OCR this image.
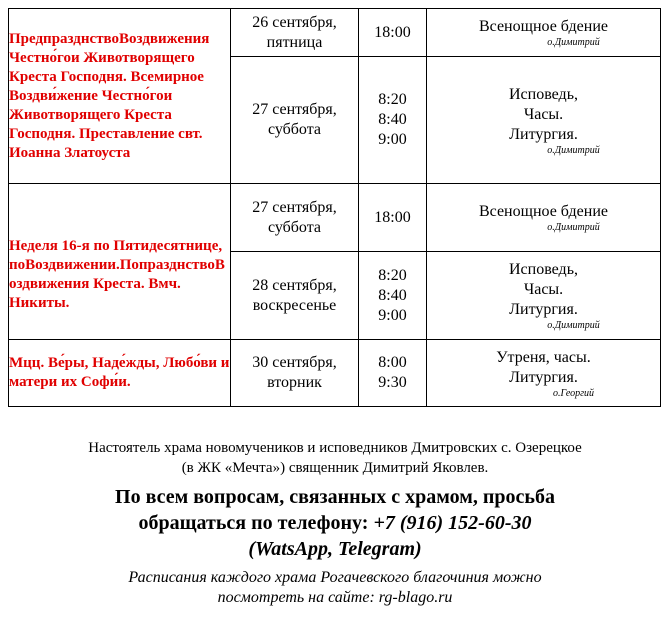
ПредпразднствоВоздвижения Честно́гои Животворящего Креста Господня. Всемирное Воздви́жение Честно́гои Животворящего Креста Господня. Преставление свт. Иоанна Златоуста	26 сентября,
пятница	18:00	Всенощное бдение

о.Димитрий

	27 сентября,
суббота	8:20
8:40
9:00	Исповедь,
Часы.
Литургия.

о.Димитрий

Неделя 16-я по Пятидесятнице, поВоздвижении.ПопразднствоВоздвижения Креста. Вмч. Никиты.	27 сентября,
суббота	18:00	Всенощное бдение

о.Димитрий

	28 сентября,
воскресенье	8:20
8:40
9:00	Исповедь,
Часы.
Литургия.

о.Димитрий

Мцц. Ве́ры, Наде́жды, Любо́ви и матери их Софи́и.	30 сентября,
вторник	8:00
9:30	Утреня, часы.
Литургия.

о.Георгий
Настоятель храма новомучеников и исповедников Дмитровских с. Озерецкое
(в ЖК «Мечта») священник Димитрий Яковлев.
По всем вопросам, связанных с храмом, просьба
обращаться по телефону: +7 (916) 152-60-30
(WatsApp, Telegram)
Расписания каждого храма Рогачевского благочиния можно
посмотреть на сайте: rg-blago.ru
